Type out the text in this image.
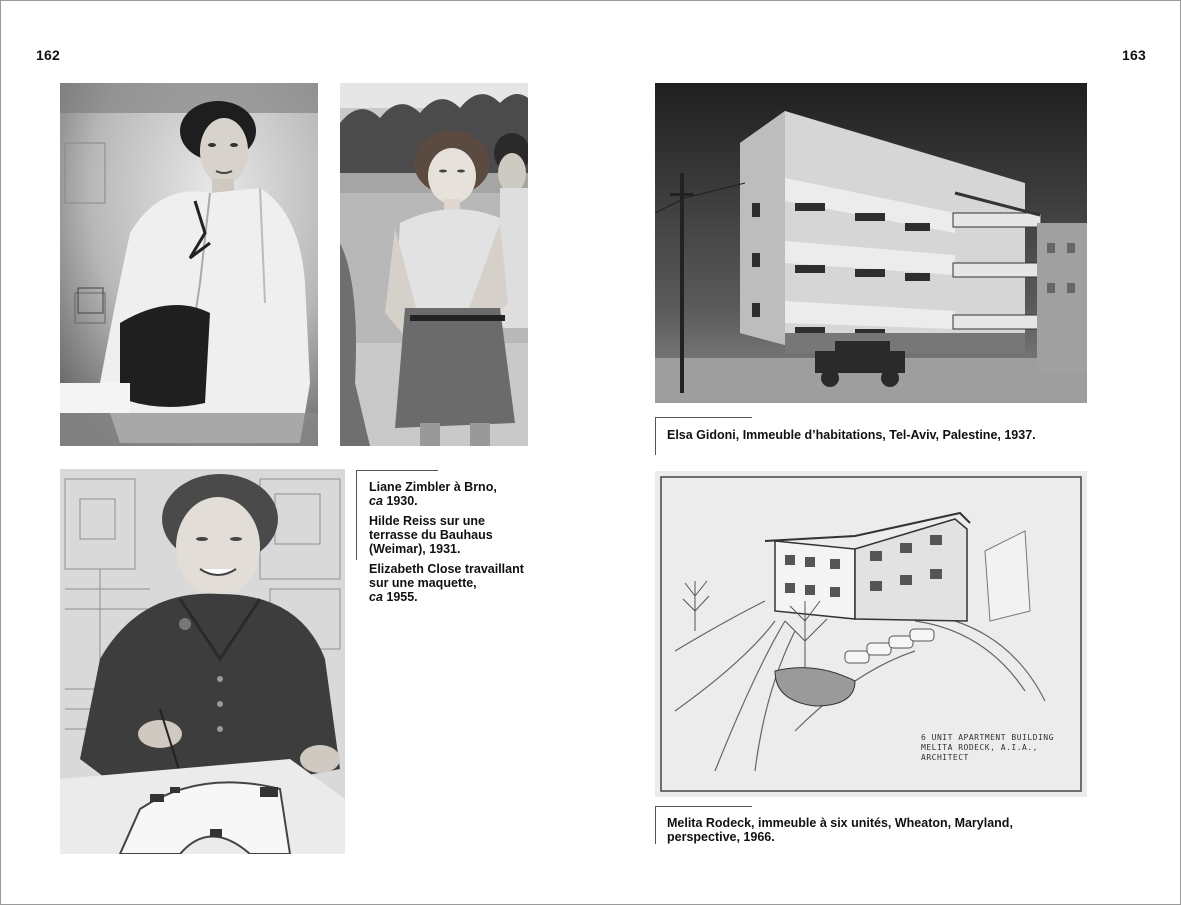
162	163

Liane Zimbler à Brno,
ca 1930.

Hilde Reiss sur une terrasse du Bauhaus (Weimar), 1931.

Elizabeth Close travaillant sur une maquette,
ca 1955.

Elsa Gidoni, Immeuble d’habitations, Tel-Aviv, Palestine, 1937.
6 UNIT APARTMENT BUILDING
MELITA RODECK, A.I.A., ARCHITECT
Melita Rodeck, immeuble à six unités, Wheaton, Maryland, perspective, 1966.
